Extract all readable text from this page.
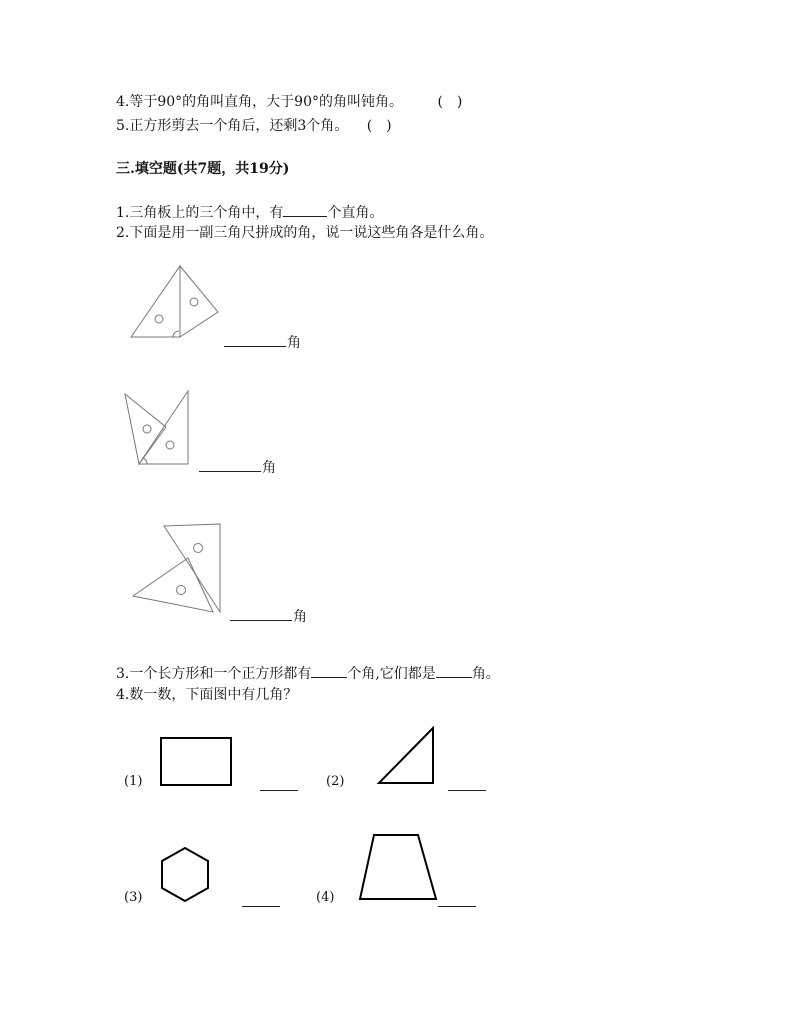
4.等于90°的角叫直角，大于90°的角叫钝角。 (　)
5.正方形剪去一个角后，还剩3个角。 (　)
三.填空题(共7题，共19分)
1.三角板上的三个角中，有	个直角。
2.下面是用一副三角尺拼成的角，说一说这些角各是什么角。
角
角
角
3.一个长方形和一个正方形都有	个角,它们都是	角。
4.数一数，下面图中有几角？
(1)	(2)
(3)	(4)
